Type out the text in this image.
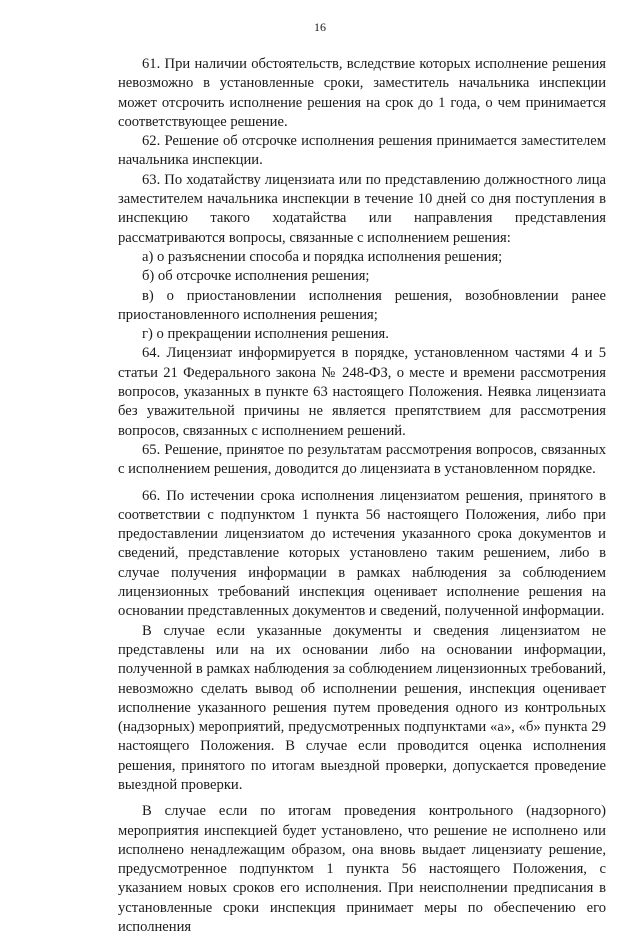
16

61. При наличии обстоятельств, вследствие которых исполнение решения невозможно в установленные сроки, заместитель начальника инспекции может отсрочить исполнение решения на срок до 1 года, о чем принимается соответствующее решение.

62. Решение об отсрочке исполнения решения принимается заместителем начальника инспекции.

63. По ходатайству лицензиата или по представлению должностного лица заместителем начальника инспекции в течение 10 дней со дня поступления в инспекцию такого ходатайства или направления представления рассматриваются вопросы, связанные с исполнением решения:

а) о разъяснении способа и порядка исполнения решения;

б) об отсрочке исполнения решения;

в) о приостановлении исполнения решения, возобновлении ранее приостановленного исполнения решения;

г) о прекращении исполнения решения.

64. Лицензиат информируется в порядке, установленном частями 4 и 5 статьи 21 Федерального закона № 248-ФЗ, о месте и времени рассмотрения вопросов, указанных в пункте 63 настоящего Положения. Неявка лицензиата без уважительной причины не является препятствием для рассмотрения вопросов, связанных с исполнением решений.

65. Решение, принятое по результатам рассмотрения вопросов, связанных с исполнением решения, доводится до лицензиата в установленном порядке.

66. По истечении срока исполнения лицензиатом решения, принятого в соответствии с подпунктом 1 пункта 56 настоящего Положения, либо при предоставлении лицензиатом до истечения указанного срока документов и сведений, представление которых установлено таким решением, либо в случае получения информации в рамках наблюдения за соблюдением лицензионных требований инспекция оценивает исполнение решения на основании представленных документов и сведений, полученной информации.

В случае если указанные документы и сведения лицензиатом не представлены или на их основании либо на основании информации, полученной в рамках наблюдения за соблюдением лицензионных требований, невозможно сделать вывод об исполнении решения, инспекция оценивает исполнение указанного решения путем проведения одного из контрольных (надзорных) мероприятий, предусмотренных подпунктами «а», «б» пункта 29 настоящего Положения. В случае если проводится оценка исполнения решения, принятого по итогам выездной проверки, допускается проведение выездной проверки.

В случае если по итогам проведения контрольного (надзорного) мероприятия инспекцией будет установлено, что решение не исполнено или исполнено ненадлежащим образом, она вновь выдает лицензиату решение, предусмотренное подпунктом 1 пункта 56 настоящего Положения, с указанием новых сроков его исполнения. При неисполнении предписания в установленные сроки инспекция принимает меры по обеспечению его исполнения
